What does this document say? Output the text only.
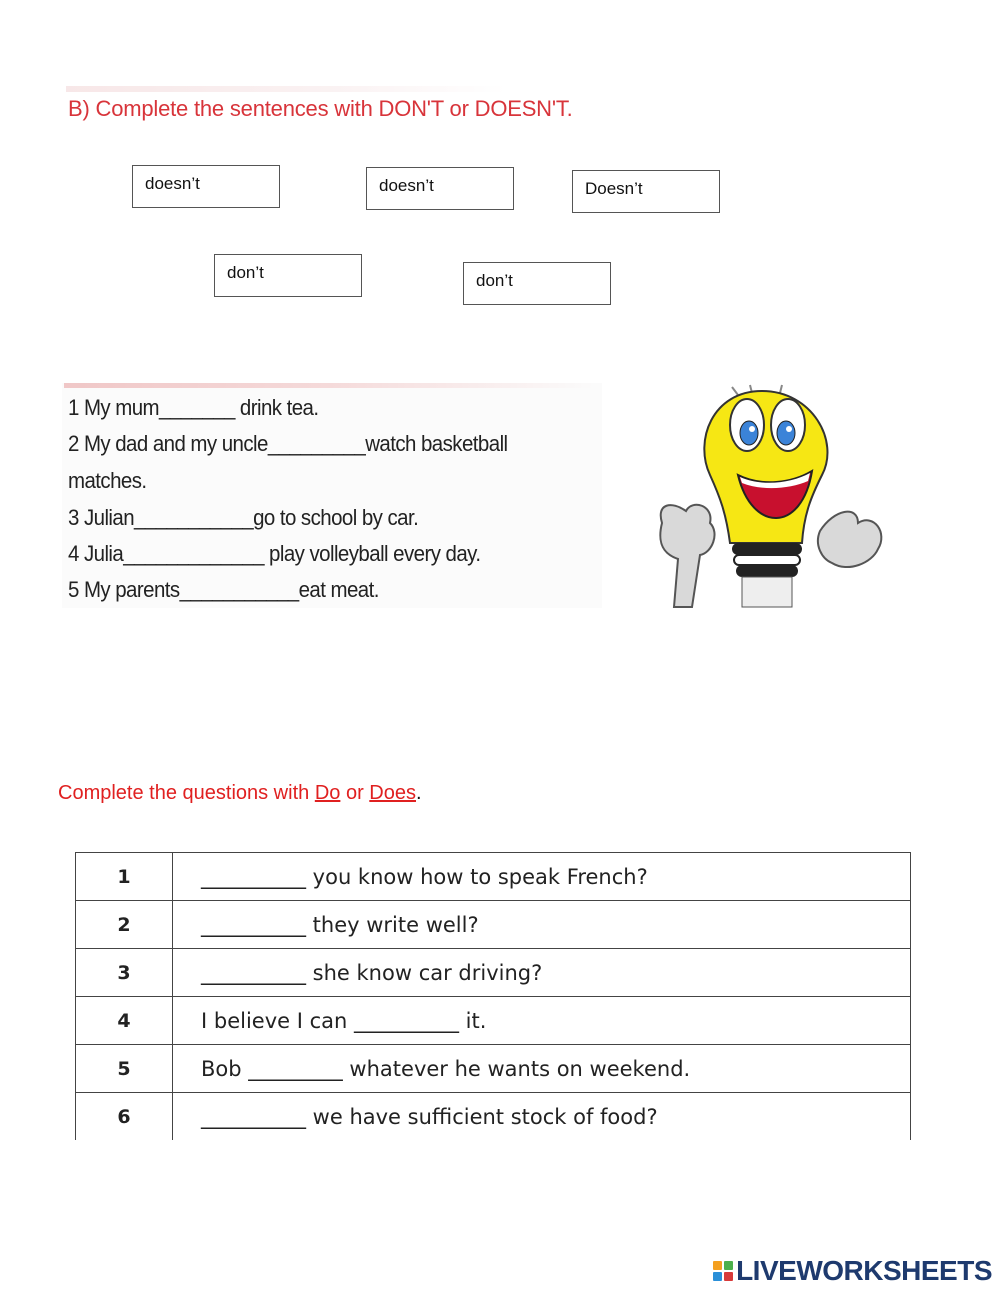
B) Complete the sentences with DON'T or DOESN'T.
doesn’t	doesn’t	Doesn’t
don’t	don’t
1 My mum_______ drink tea.
2 My dad and my uncle_________watch basketball
matches.
3 Julian___________go to school by car.
4 Julia_____________ play volleyball every day.
5 My parents___________eat meat.
Complete the questions with Do or Does.
1	__________ you know how to speak French?
2	__________ they write well?
3	__________ she know car driving?
4	I believe I can __________ it.
5	Bob _________ whatever he wants on weekend.
6	__________ we have sufficient stock of food?
LIVEWORKSHEETS
